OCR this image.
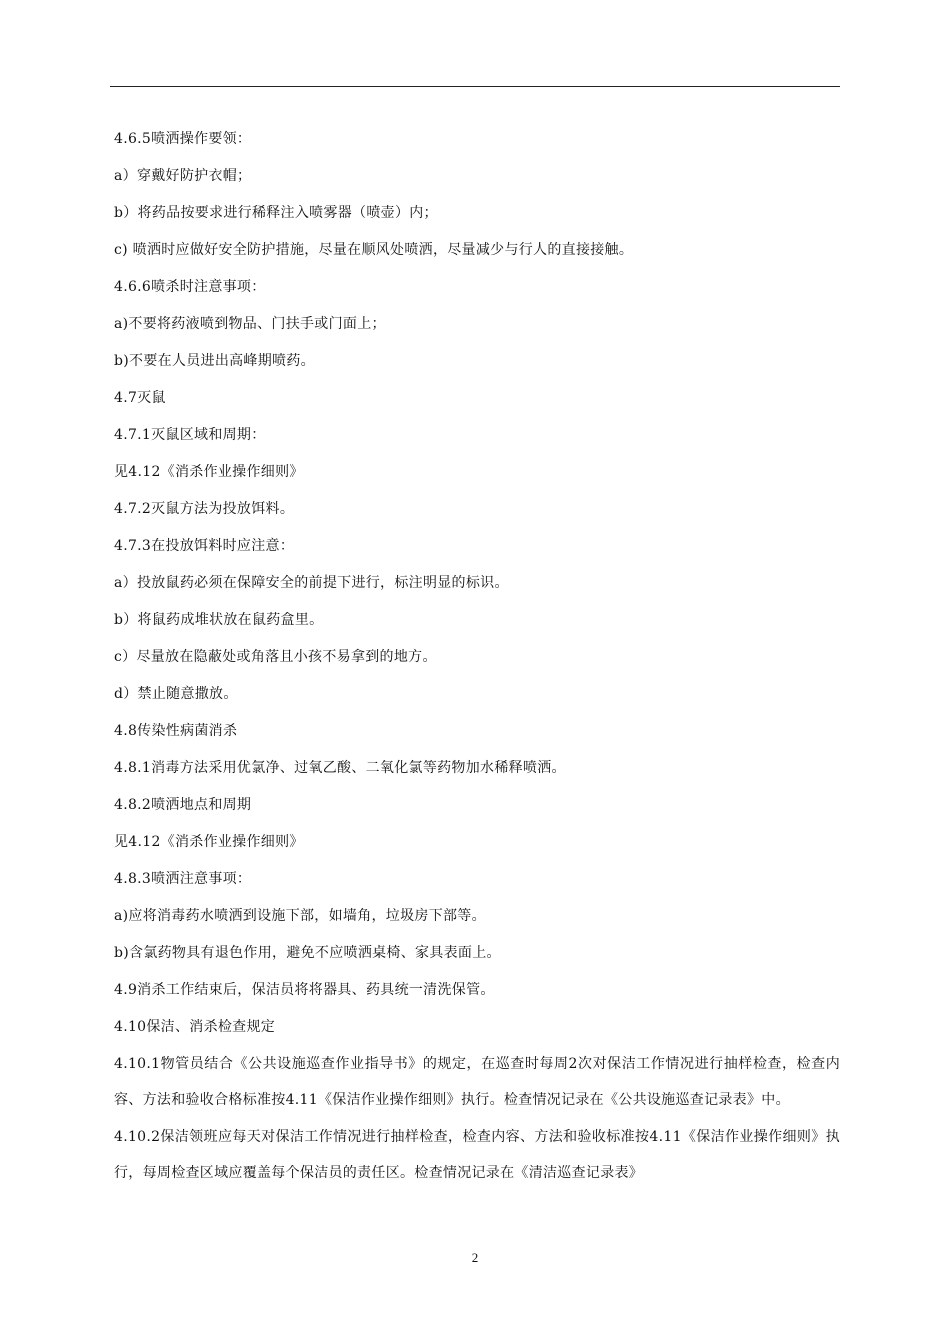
4.6.5喷洒操作要领：
a）穿戴好防护衣帽；
b）将药品按要求进行稀释注入喷雾器（喷壶）内；
c) 喷洒时应做好安全防护措施，尽量在顺风处喷洒，尽量减少与行人的直接接触。
4.6.6喷杀时注意事项：
a)不要将药液喷到物品、门扶手或门面上；
b)不要在人员进出高峰期喷药。
4.7灭鼠
4.7.1灭鼠区域和周期：
见4.12《消杀作业操作细则》
4.7.2灭鼠方法为投放饵料。
4.7.3在投放饵料时应注意：
a）投放鼠药必须在保障安全的前提下进行，标注明显的标识。
b）将鼠药成堆状放在鼠药盒里。
c）尽量放在隐蔽处或角落且小孩不易拿到的地方。
d）禁止随意撒放。
4.8传染性病菌消杀
4.8.1消毒方法采用优氯净、过氧乙酸、二氧化氯等药物加水稀释喷洒。
4.8.2喷洒地点和周期
见4.12《消杀作业操作细则》
4.8.3喷洒注意事项：
a)应将消毒药水喷洒到设施下部，如墙角，垃圾房下部等。
b)含氯药物具有退色作用，避免不应喷洒桌椅、家具表面上。
4.9消杀工作结束后，保洁员将将器具、药具统一清洗保管。
4.10保洁、消杀检查规定
4.10.1物管员结合《公共设施巡查作业指导书》的规定，在巡查时每周2次对保洁工作情况进行抽样检查，检查内容、方法和验收合格标准按4.11《保洁作业操作细则》执行。检查情况记录在《公共设施巡查记录表》中。
4.10.2保洁领班应每天对保洁工作情况进行抽样检查，检查内容、方法和验收标准按4.11《保洁作业操作细则》执行，每周检查区域应覆盖每个保洁员的责任区。检查情况记录在《清洁巡查记录表》
2
